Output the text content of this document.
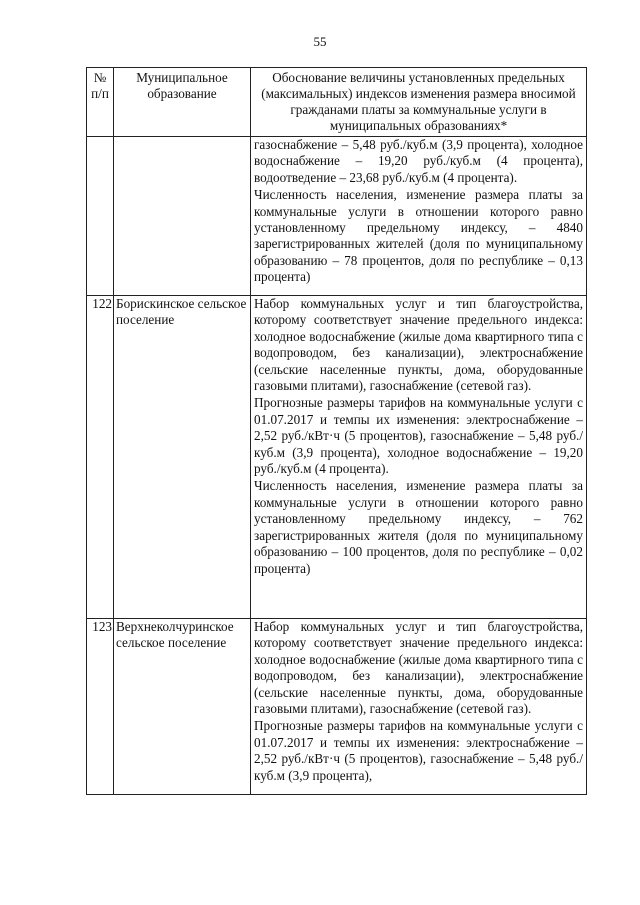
55
№ п/п	Муниципальное образование	Обоснование величины установленных предельных (максимальных) индексов изменения размера вносимой гражданами платы за коммунальные услуги в муниципальных образованиях*

		газоснабжение – 5,48 руб./куб.м (3,9 процента), холодное водоснабжение – 19,20 руб./куб.м (4 процента), водоотведение – 23,68 руб./куб.м (4 процента).

Численность населения, изменение размера платы за коммунальные услуги в отношении которого равно установленному предельному индексу, – 4840 зарегистрированных жителей (доля по муниципальному образованию – 78 процентов, доля по республике – 0,13 процента)

122	Борискинское сельское поселение	Набор коммунальных услуг и тип благоустройства, которому соответствует значение предельного индекса: холодное водоснабжение (жилые дома квартирного типа с водопроводом, без канализации), электроснабжение (сельские населенные пункты, дома, оборудованные газовыми плитами), газоснабжение (сетевой газ).

Прогнозные размеры тарифов на коммунальные услуги с 01.07.2017 и темпы их изменения: электроснабжение – 2,52 руб./кВт·ч (5 процентов), газоснабжение – 5,48 руб./куб.м (3,9 процента), холодное водоснабжение – 19,20 руб./куб.м (4 процента).

Численность населения, изменение размера платы за коммунальные услуги в отношении которого равно установленному предельному индексу, – 762 зарегистрированных жителя (доля по муниципальному образованию – 100 процентов, доля по республике – 0,02 процента)

123	Верхнеколчуринское сельское поселение	Набор коммунальных услуг и тип благоустройства, которому соответствует значение предельного индекса: холодное водоснабжение (жилые дома квартирного типа с водопроводом, без канализации), электроснабжение (сельские населенные пункты, дома, оборудованные газовыми плитами), газоснабжение (сетевой газ).

Прогнозные размеры тарифов на коммунальные услуги с 01.07.2017 и темпы их изменения: электроснабжение – 2,52 руб./кВт·ч (5 процентов), газоснабжение – 5,48 руб./куб.м (3,9 процента),
